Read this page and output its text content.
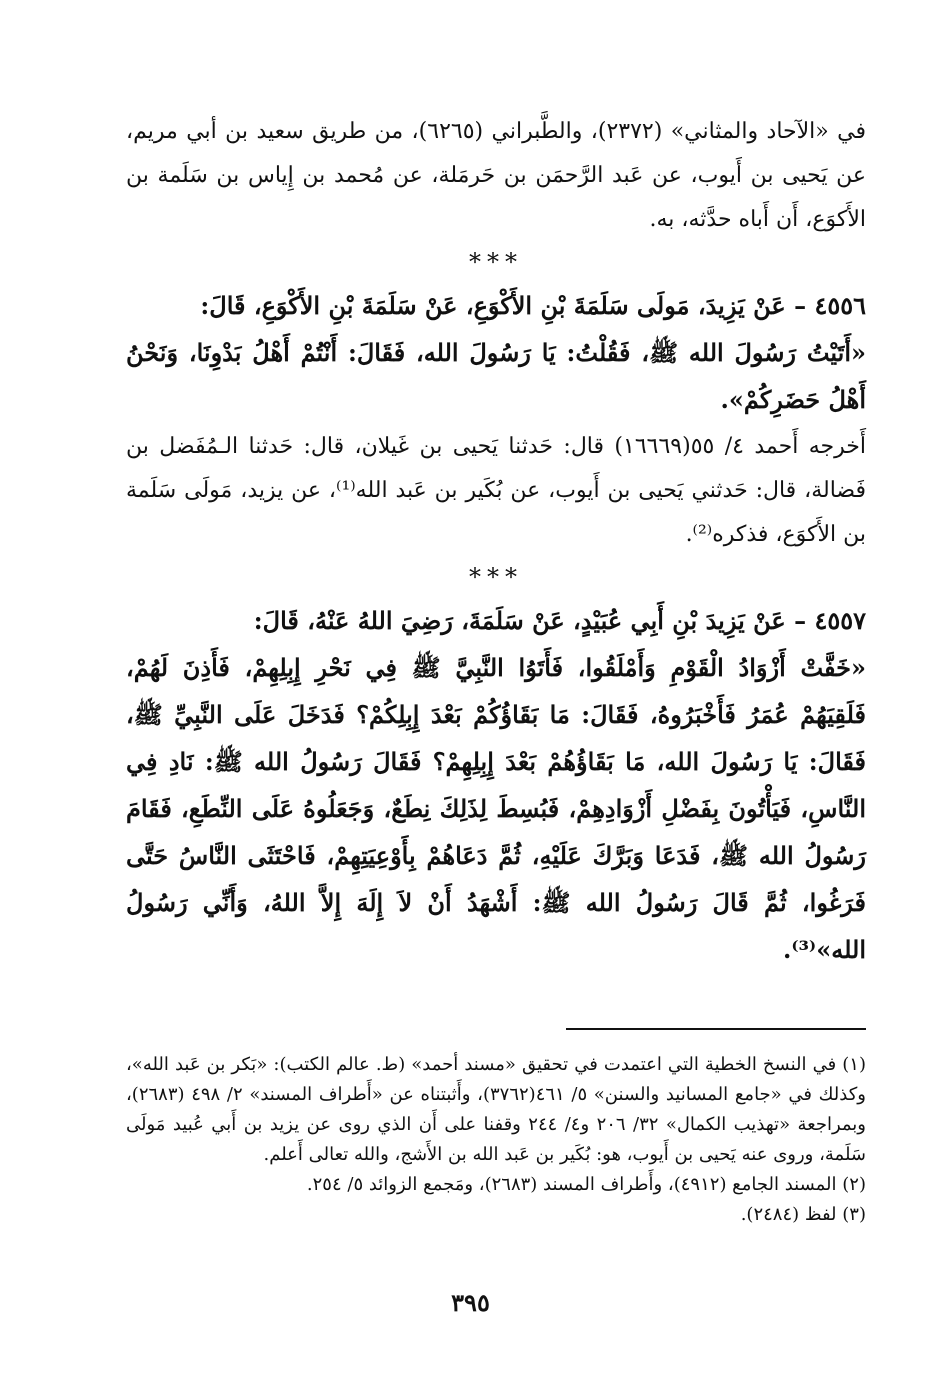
في «الآحاد والمثاني» (٢٣٧٢)، والطَّبراني (٦٢٦٥)، من طريق سعيد بن أبي مريم، عن يَحيى بن أَيوب، عن عَبد الرَّحمَن بن حَرمَلة، عن مُحمد بن إِياس بن سَلَمة بن الأَكوَع، أَن أَباه حدَّثه، به.

***

٤٥٥٦ – عَنْ يَزِيدَ، مَولَى سَلَمَةَ بْنِ الأَكْوَعِ، عَنْ سَلَمَةَ بْنِ الأَكْوَعِ، قَالَ:

«أَتَيْتُ رَسُولَ الله ﷺ، فَقُلْتُ: يَا رَسُولَ الله، فَقَالَ: أَنْتُمْ أَهْلُ بَدْوِنَا، وَنَحْنُ أَهْلُ حَضَرِكُمْ».

أَخرجه أَحمد ٤/ ٥٥(١٦٦٦٩) قال: حَدثنا يَحيى بن غَيلان، قال: حَدثنا الـمُفَضل بن فَضالة، قال: حَدثني يَحيى بن أَيوب، عن بُكَير بن عَبد الله⁽¹⁾، عن يزيد، مَولَى سَلَمة بن الأَكوَع، فذكره⁽²⁾.

***

٤٥٥٧ – عَنْ يَزِيدَ بْنِ أَبِي عُبَيْدٍ، عَنْ سَلَمَةَ، رَضِيَ اللهُ عَنْهُ، قَالَ:

«خَفَّتْ أَزْوَادُ الْقَوْمِ وَأَمْلَقُوا، فَأَتَوُا النَّبِيَّ ﷺ فِي نَحْرِ إِبِلِهِمْ، فَأَذِنَ لَهُمْ، فَلَقِيَهُمْ عُمَرُ فَأَخْبَرُوهُ، فَقَالَ: مَا بَقَاؤُكُمْ بَعْدَ إِبِلِكُمْ؟ فَدَخَلَ عَلَى النَّبِيِّ ﷺ، فَقَالَ: يَا رَسُولَ الله، مَا بَقَاؤُهُمْ بَعْدَ إِبِلِهِمْ؟ فَقَالَ رَسُولُ الله ﷺ: نَادِ فِي النَّاسِ، فَيَأْتُونَ بِفَضْلِ أَزْوَادِهِمْ، فَبُسِطَ لِذَلِكَ نِطَعٌ، وَجَعَلُوهُ عَلَى النِّطَعِ، فَقَامَ رَسُولُ الله ﷺ، فَدَعَا وَبَرَّكَ عَلَيْهِ، ثُمَّ دَعَاهُمْ بِأَوْعِيَتِهِمْ، فَاحْتَثَى النَّاسُ حَتَّى فَرَغُوا، ثُمَّ قَالَ رَسُولُ الله ﷺ: أَشْهَدُ أَنْ لاَ إِلَهَ إِلاَّ اللهُ، وَأَنِّي رَسُولُ الله»⁽³⁾.

(١) في النسخ الخطية التي اعتمدت في تحقيق «مسند أحمد» (ط. عالم الكتب): «بَكر بن عَبد الله»، وكذلك في «جامع المسانيد والسنن» ٥/ ٤٦١(٣٧٦٢)، وأَثبتناه عن «أَطراف المسند» ٢/ ٤٩٨ (٢٦٨٣)، وبمراجعة «تهذيب الكمال» ٣٢/ ٢٠٦ و٤/ ٢٤٤ وقفنا على أَن الذي روى عن يزيد بن أَبي عُبيد مَولَى سَلَمة، وروى عنه يَحيى بن أَيوب، هو: بُكَير بن عَبد الله بن الأَشج، والله تعالى أَعلم.

(٢) المسند الجامع (٤٩١٢)، وأَطراف المسند (٢٦٨٣)، ومَجمع الزوائد ٥/ ٢٥٤.

(٣) لفظ (٢٤٨٤).

٣٩٥
